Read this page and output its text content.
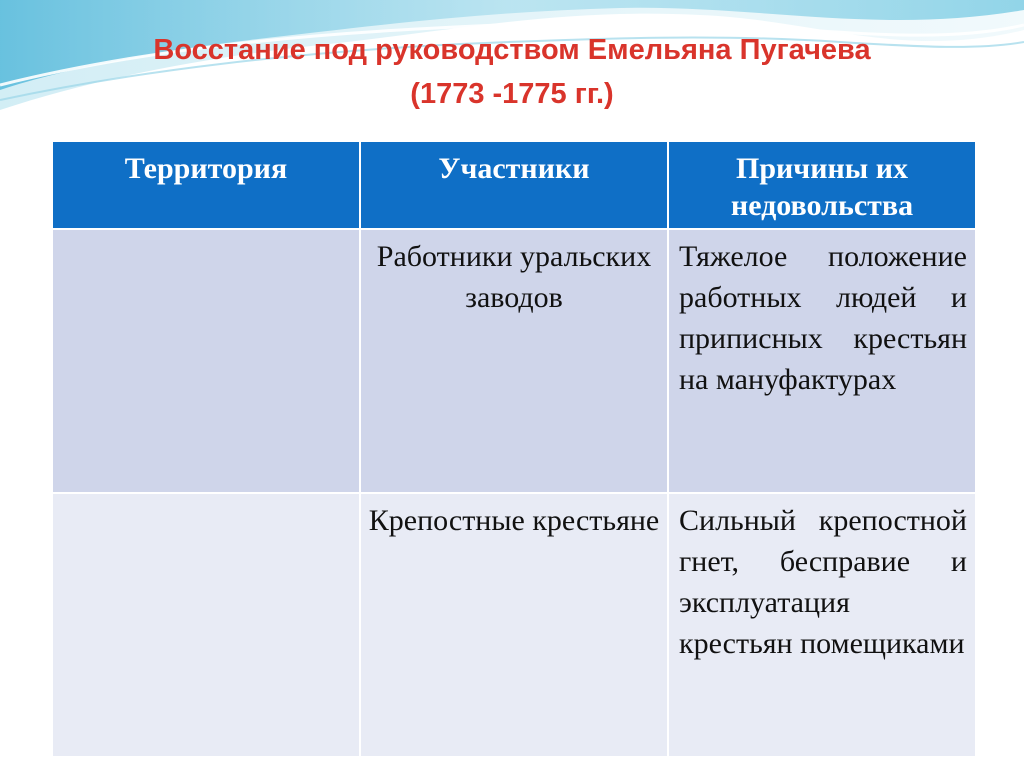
Восстание под руководством Емельяна Пугачева
(1773 -1775 гг.)
Территория	Участники	Причины их недовольства
	Работники уральских заводов	Тяжелое положение работных людей и приписных крестьян на мануфактурах
	Крепостные крестьяне	Сильный крепостной гнет, бесправие и эксплуатация крестьян помещиками
